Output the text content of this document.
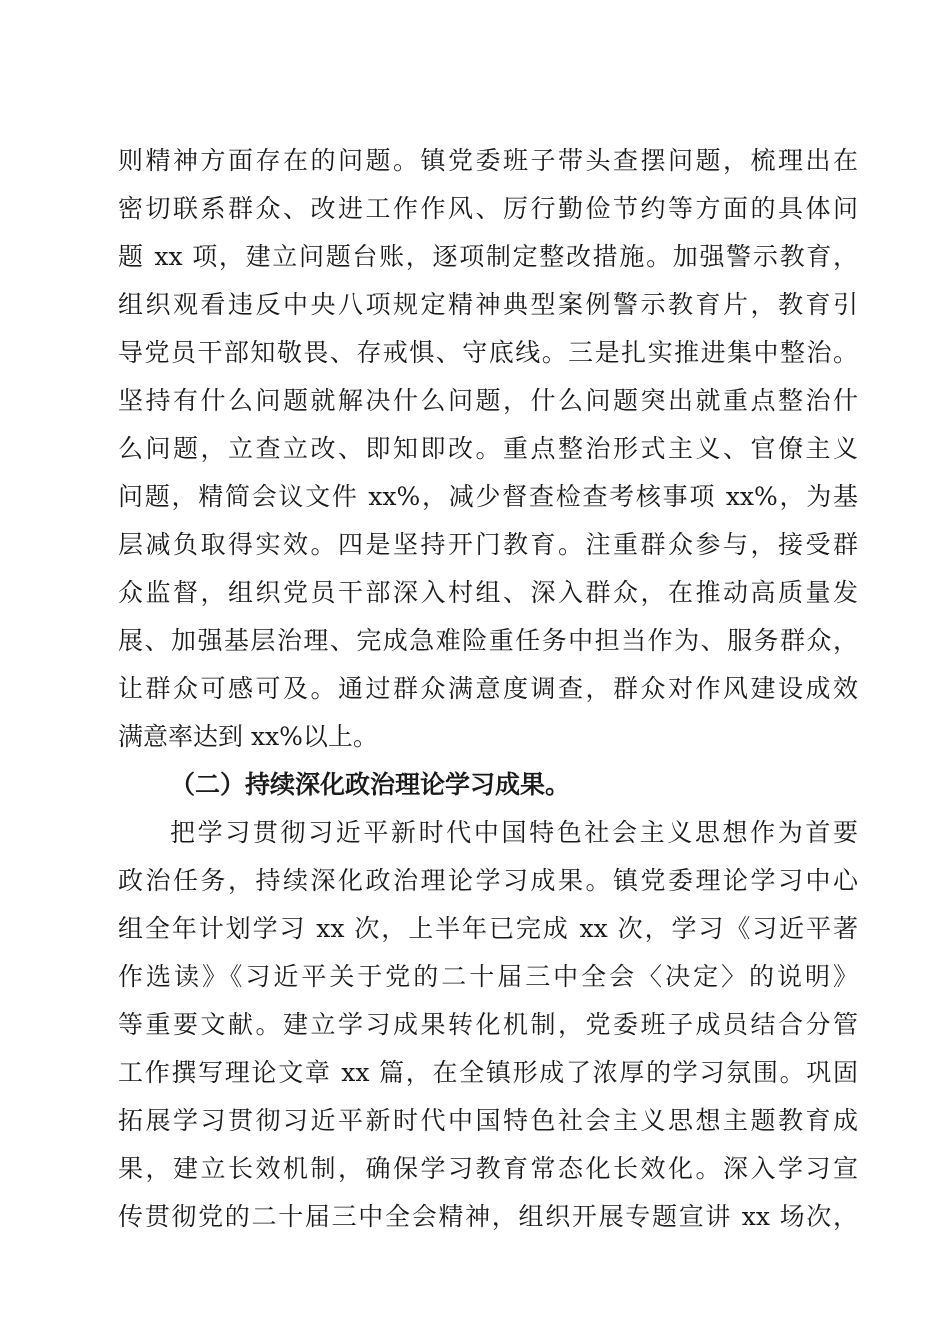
则精神方面存在的问题。镇党委班子带头查摆问题，梳理出在
密切联系群众、改进工作作风、厉行勤俭节约等方面的具体问
题 xx 项，建立问题台账，逐项制定整改措施。加强警示教育，
组织观看违反中央八项规定精神典型案例警示教育片，教育引
导党员干部知敬畏、存戒惧、守底线。三是扎实推进集中整治。
坚持有什么问题就解决什么问题，什么问题突出就重点整治什
么问题，立查立改、即知即改。重点整治形式主义、官僚主义
问题，精简会议文件 xx%，减少督查检查考核事项 xx%，为基
层减负取得实效。四是坚持开门教育。注重群众参与，接受群
众监督，组织党员干部深入村组、深入群众，在推动高质量发
展、加强基层治理、完成急难险重任务中担当作为、服务群众，
让群众可感可及。通过群众满意度调查，群众对作风建设成效
满意率达到 xx%以上。
（二）持续深化政治理论学习成果。
把学习贯彻习近平新时代中国特色社会主义思想作为首要
政治任务，持续深化政治理论学习成果。镇党委理论学习中心
组全年计划学习 xx 次，上半年已完成 xx 次，学习《习近平著
作选读》《习近平关于党的二十届三中全会〈决定〉的说明》
等重要文献。建立学习成果转化机制，党委班子成员结合分管
工作撰写理论文章 xx 篇，在全镇形成了浓厚的学习氛围。巩固
拓展学习贯彻习近平新时代中国特色社会主义思想主题教育成
果，建立长效机制，确保学习教育常态化长效化。深入学习宣
传贯彻党的二十届三中全会精神，组织开展专题宣讲 xx 场次，
